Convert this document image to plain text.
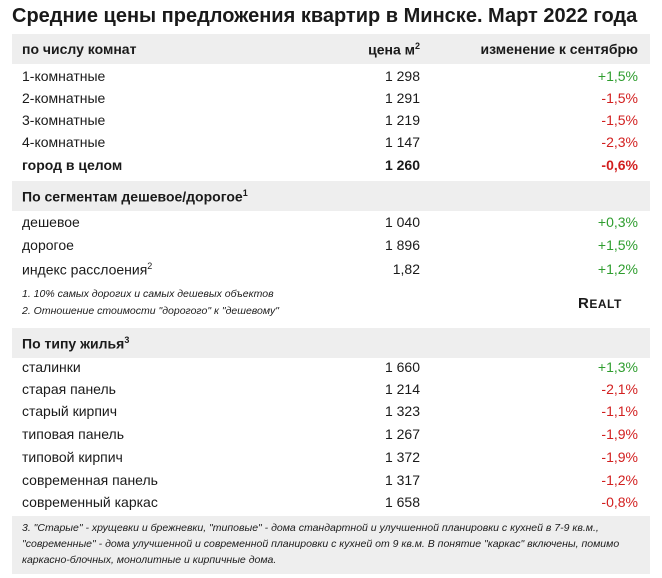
Средние цены предложения квартир в Минске. Март 2022 года
по числу комнат	цена $м^2$	изменение к сентябрю
1-комнатные	1 298	+1,5%
2-комнатные	1 291	-1,5%
3-комнатные	1 219	-1,5%
4-комнатные	1 147	-2,3%
город в целом	1 260	-0,6%
По сегментам дешевое/дорогое$^1$
дешевое	1 040	+0,3%
дорогое	1 896	+1,5%
индекс расслоения$^2$	1,82	+1,2%
1. 10% самых дорогих и самых дешевых объектов
2. Отношение стоимости "дорогого" к "дешевому"	REALT
По типу жилья$^3$
сталинки	1 660	+1,3%
старая панель	1 214	-2,1%
старый кирпич	1 323	-1,1%
типовая панель	1 267	-1,9%
типовой кирпич	1 372	-1,9%
современная панель	1 317	-1,2%
современный каркас	1 658	-0,8%
3. "Старые" - хрущевки и брежневки, "типовые" - дома стандартной и улучшенной планировки с кухней в 7-9 кв.м., "современные" - дома улучшенной и современной планировки с кухней от 9 кв.м. В понятие "каркас" включены, помимо каркасно-блочных, монолитные и кирпичные дома.
